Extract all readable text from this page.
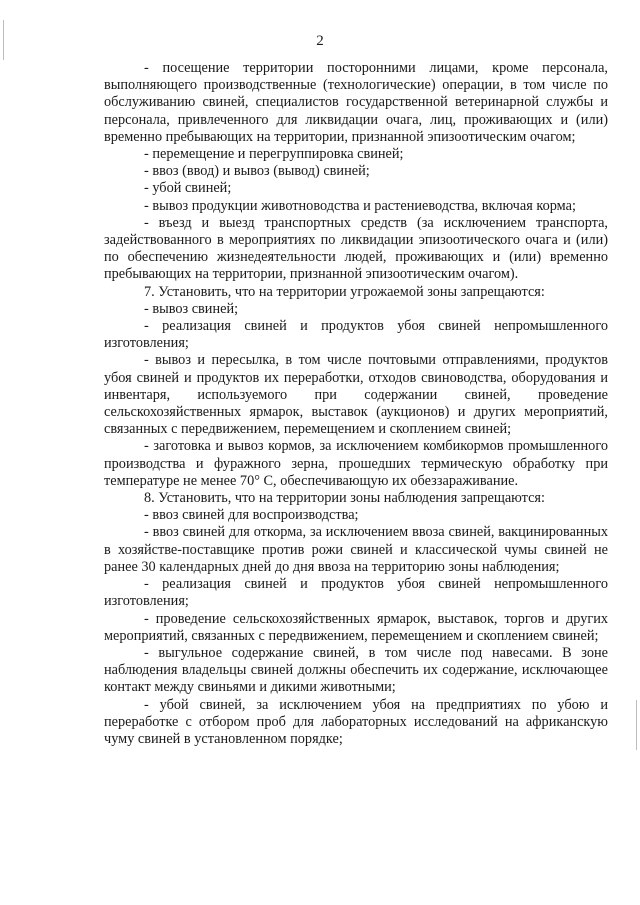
2

- посещение территории посторонними лицами, кроме персонала, выполняющего производственные (технологические) операции, в том числе по обслуживанию свиней, специалистов государственной ветеринарной службы и персонала, привлеченного для ликвидации очага, лиц, проживающих и (или) временно пребывающих на территории, признанной эпизоотическим очагом;

- перемещение и перегруппировка свиней;

- ввоз (ввод) и вывоз (вывод) свиней;

- убой свиней;

- вывоз продукции животноводства и растениеводства, включая корма;

- въезд и выезд транспортных средств (за исключением транспорта, задействованного в мероприятиях по ликвидации эпизоотического очага и (или) по обеспечению жизнедеятельности людей, проживающих и (или) временно пребывающих на территории, признанной эпизоотическим очагом).

7. Установить, что на территории угрожаемой зоны запрещаются:

- вывоз свиней;

- реализация свиней и продуктов убоя свиней непромышленного изготовления;

- вывоз и пересылка, в том числе почтовыми отправлениями, продуктов убоя свиней и продуктов их переработки, отходов свиноводства, оборудования и инвентаря, используемого при содержании свиней, проведение сельскохозяйственных ярмарок, выставок (аукционов) и других мероприятий, связанных с передвижением, перемещением и скоплением свиней;

- заготовка и вывоз кормов, за исключением комбикормов промышленного производства и фуражного зерна, прошедших термическую обработку при температуре не менее 70° С, обеспечивающую их обеззараживание.

8. Установить, что на территории зоны наблюдения запрещаются:

- ввоз свиней для воспроизводства;

- ввоз свиней для откорма, за исключением ввоза свиней, вакцинированных в хозяйстве-поставщике против рожи свиней и классической чумы свиней не ранее 30 календарных дней до дня ввоза на территорию зоны наблюдения;

- реализация свиней и продуктов убоя свиней непромышленного изготовления;

- проведение сельскохозяйственных ярмарок, выставок, торгов и других мероприятий, связанных с передвижением, перемещением и скоплением свиней;

- выгульное содержание свиней, в том числе под навесами. В зоне наблюдения владельцы свиней должны обеспечить их содержание, исключающее контакт между свиньями и дикими животными;

- убой свиней, за исключением убоя на предприятиях по убою и переработке с отбором проб для лабораторных исследований на африканскую чуму свиней в установленном порядке;
